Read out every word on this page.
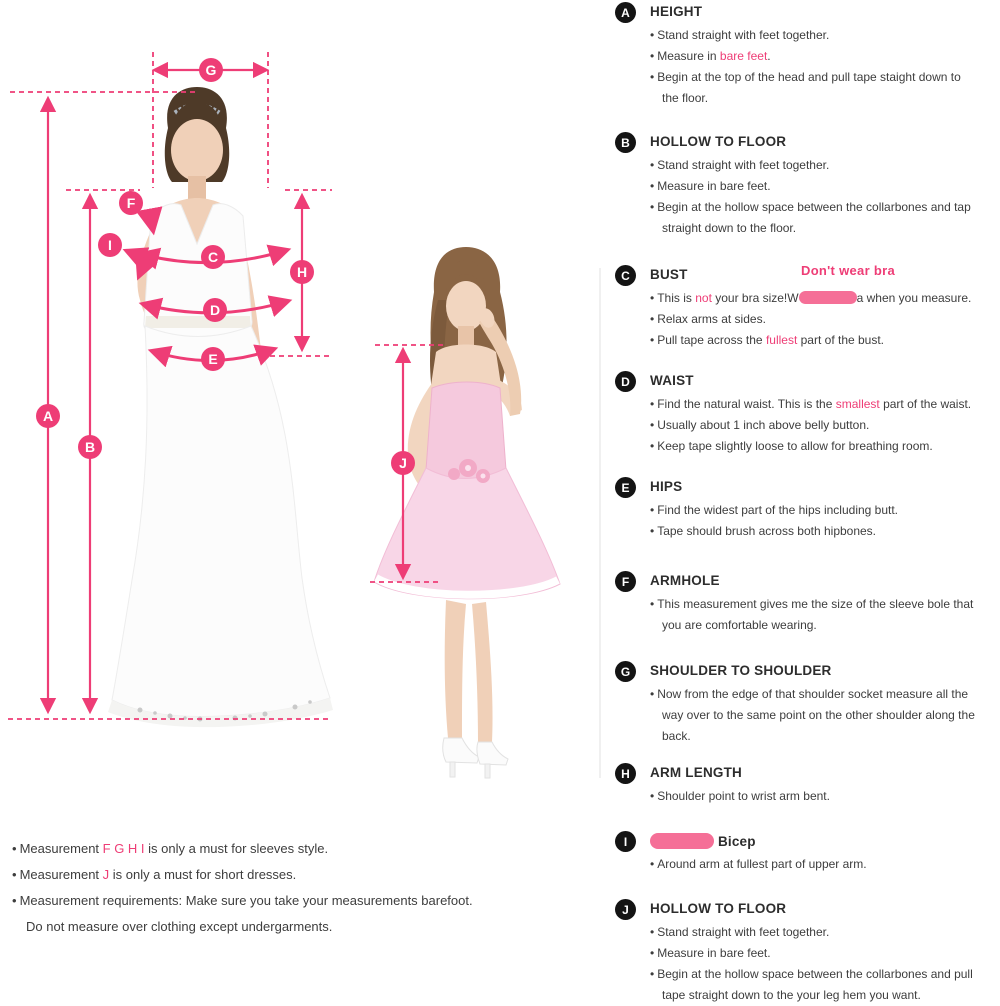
A
B
C
D
E
F
G
H
I
J
A	HEIGHT
• Stand straight with feet together.
• Measure in bare feet.
• Begin at the top of the head and pull tape staight down to
the floor.
B	HOLLOW TO FLOOR
• Stand straight with feet together.
• Measure in bare feet.
• Begin at the hollow space between the collarbones and tap
straight down to the floor.
C	BUST	Don't wear bra
• This is not your bra size!W	a when you measure.
• Relax arms at sides.
• Pull tape across the fullest part of the bust.
D	WAIST
• Find the natural waist. This is the smallest part of the waist.
• Usually about 1 inch above belly button.
• Keep tape slightly loose to allow for breathing room.
E	HIPS
• Find the widest part of the hips including butt.
• Tape should brush across both hipbones.
F	ARMHOLE
• This measurement gives me the size of the sleeve bole that
you are comfortable wearing.
G	SHOULDER TO SHOULDER
• Now from the edge of that shoulder socket measure all the
way over to the same point on the other shoulder along the
back.
H	ARM LENGTH
• Shoulder point to wrist arm bent.
I	Bicep
• Around arm at fullest part of upper arm.
J	HOLLOW TO FLOOR
• Stand straight with feet together.
• Measure in bare feet.
• Begin at the hollow space between the collarbones and pull
tape straight down to the your leg hem you want.
• Measurement F G H I is only a must for sleeves style.
• Measurement J is only a must for short dresses.
• Measurement requirements: Make sure you take your measurements barefoot.
Do not measure over clothing except undergarments.
